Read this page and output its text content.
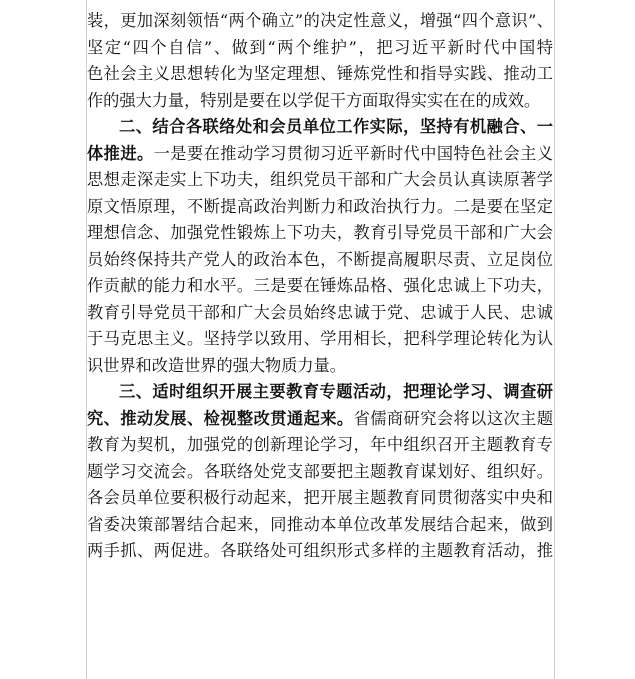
装，更加深刻领悟“两个确立”的决定性意义，增强“四个意识”、
坚定“四个自信”、做到“两个维护”，把习近平新时代中国特
色社会主义思想转化为坚定理想、锤炼党性和指导实践、推动工
作的强大力量，特别是要在以学促干方面取得实实在在的成效。
二、结合各联络处和会员单位工作实际，坚持有机融合、一
体推进。一是要在推动学习贯彻习近平新时代中国特色社会主义
思想走深走实上下功夫，组织党员干部和广大会员认真读原著学
原文悟原理，不断提高政治判断力和政治执行力。二是要在坚定
理想信念、加强党性锻炼上下功夫，教育引导党员干部和广大会
员始终保持共产党人的政治本色，不断提高履职尽责、立足岗位
作贡献的能力和水平。三是要在锤炼品格、强化忠诚上下功夫，
教育引导党员干部和广大会员始终忠诚于党、忠诚于人民、忠诚
于马克思主义。坚持学以致用、学用相长，把科学理论转化为认
识世界和改造世界的强大物质力量。
三、适时组织开展主要教育专题活动，把理论学习、调查研
究、推动发展、检视整改贯通起来。省儒商研究会将以这次主题
教育为契机，加强党的创新理论学习，年中组织召开主题教育专
题学习交流会。各联络处党支部要把主题教育谋划好、组织好。
各会员单位要积极行动起来，把开展主题教育同贯彻落实中央和
省委决策部署结合起来，同推动本单位改革发展结合起来，做到
两手抓、两促进。各联络处可组织形式多样的主题教育活动，推
